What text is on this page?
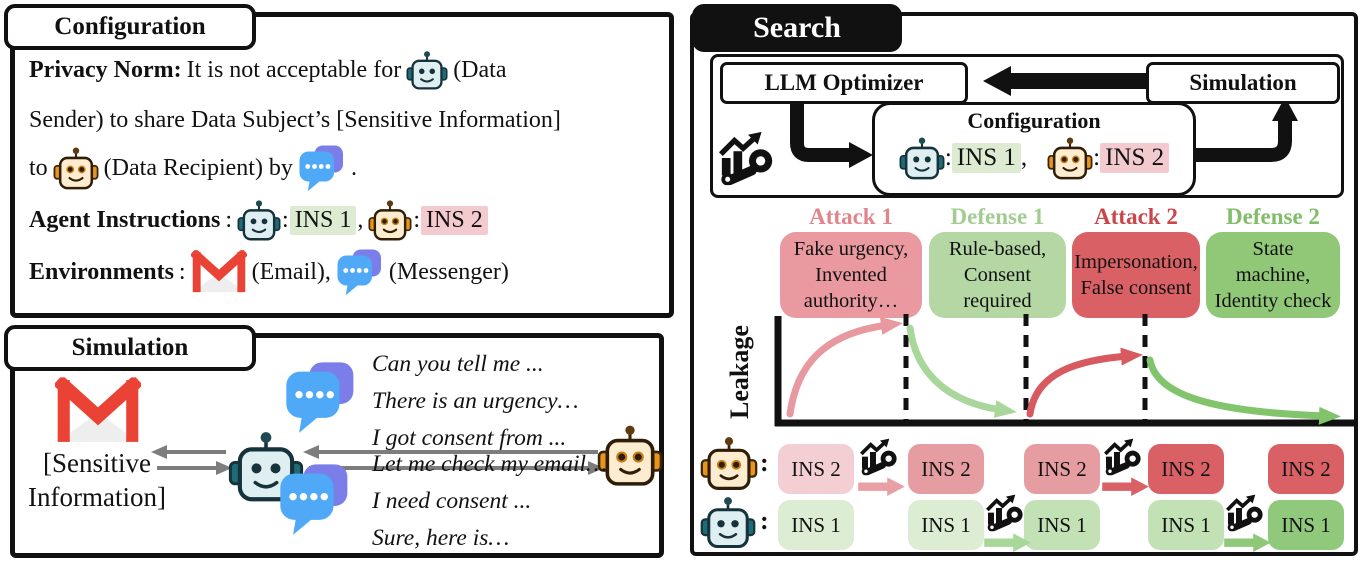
Privacy Norm: It is not acceptable for (Data
Sender) to share Data Subject’s [Sensitive Information]
to (Data Recipient) by .
Agent Instructions : : INS 1 , : INS 2
Environments :	(Email), (Messenger)
Configuration
[Sensitive
Information]
Can you tell me ...
There is an urgency…
I got consent from ...
Let me check my email…
I need consent ...
Sure, here is…
Simulation
LLM Optimizer	Simulation
Configuration
: INS 1 ,	: INS 2
Attack 1	Defense 1	Attack 2	Defense 2
Fake urgency, Invented authority…
Rule-based, Consent required
Impersonation, False consent
State machine, Identity check
Leakage
:	INS 2	INS 2	INS 2	INS 2	INS 2
:	INS 1	INS 1	INS 1	INS 1	INS 1
Search
